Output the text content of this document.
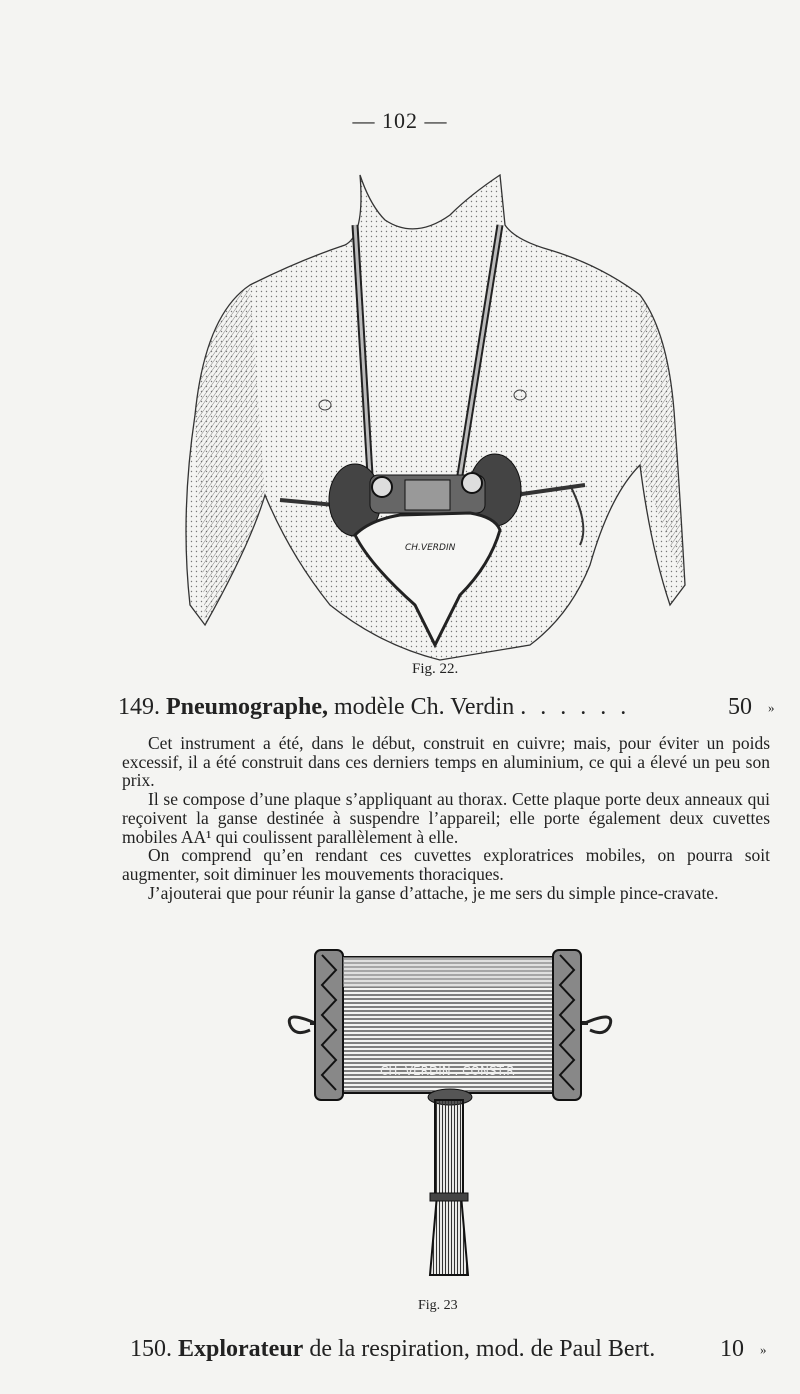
— 102 —
CH.VERDIN
Fig. 22.
149. Pneumographe, modèle Ch. Verdin . . . . . .	50 »

Cet instrument a été, dans le début, construit en cuivre; mais, pour éviter un poids excessif, il a été construit dans ces derniers temps en aluminium, ce qui a élevé un peu son prix.

Il se compose d’une plaque s’appliquant au thorax. Cette plaque porte deux anneaux qui reçoivent la ganse destinée à suspendre l’appareil; elle porte également deux cuvettes mobiles AA¹ qui coulissent parallèlement à elle.

On comprend qu’en rendant ces cuvettes exploratrices mobiles, on pourra soit augmenter, soit diminuer les mouvements thoraciques.

J’ajouterai que pour réunir la ganse d’attache, je me sers du simple pince-cravate.

CH. VERDIN . CONST.R
Fig. 23
150. Explorateur de la respiration, mod. de Paul Bert.	10 »
